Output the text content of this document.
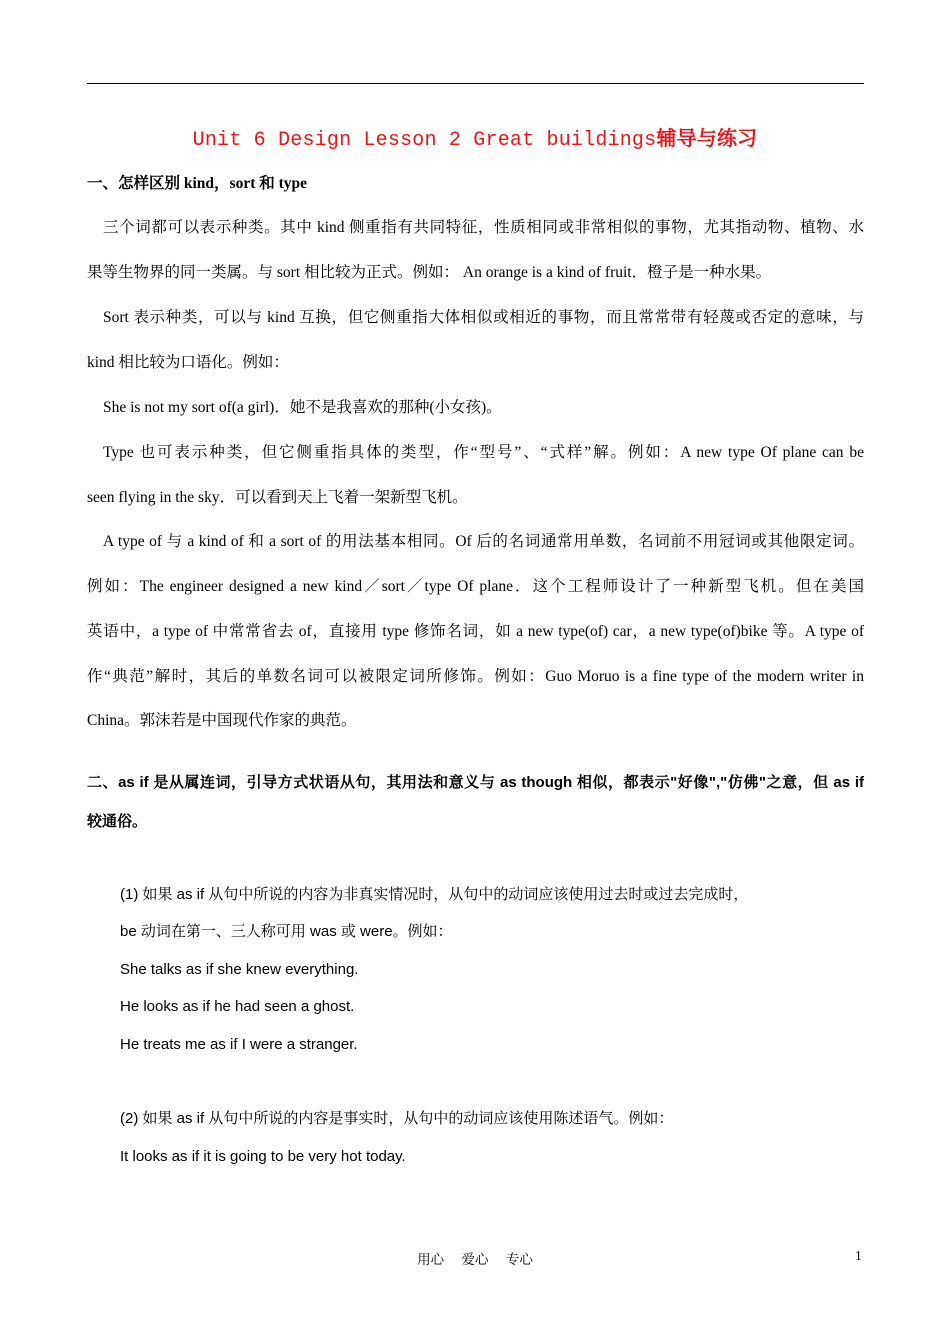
Unit 6 Design Lesson 2 Great buildings辅导与练习
一、怎样区别 kind，sort 和 type
三个词都可以表示种类。其中 kind 侧重指有共同特征，性质相同或非常相似的事物，尤其指动物、植物、水
果等生物界的同一类属。与 sort 相比较为正式。例如： An orange is a kind of fruit．橙子是一种水果。
Sort 表示种类，可以与 kind 互换，但它侧重指大体相似或相近的事物，而且常常带有轻蔑或否定的意味，与
kind 相比较为口语化。例如：
She is not my sort of(a girl)．她不是我喜欢的那种(小女孩)。
Type 也可表示种类，但它侧重指具体的类型，作“型号”、“式样”解。例如：A new type Of plane can be
seen flying in the sky．可以看到天上飞着一架新型飞机。
A type of 与 a kind of 和 a sort of 的用法基本相同。Of 后的名词通常用单数，名词前不用冠词或其他限定词。
例如：The engineer designed a new kind／sort／type Of plane．这个工程师设计了一种新型飞机。但在美国
英语中，a type of 中常常省去 of，直接用 type 修饰名词，如 a new type(of) car，a new type(of)bike 等。A type of
作“典范”解时，其后的单数名词可以被限定词所修饰。例如：Guo Moruo is a fine type of the modern writer in
China。郭沫若是中国现代作家的典范。
二、as if 是从属连词，引导方式状语从句，其用法和意义与 as though 相似，都表示"好像","仿佛"之意，但 as if
较通俗。
(1) 如果 as if 从句中所说的内容为非真实情况时，从句中的动词应该使用过去时或过去完成时，
be 动词在第一、三人称可用 was 或 were。例如：
She talks as if she knew everything.
He looks as if he had seen a ghost.
He treats me as if I were a stranger.
(2) 如果 as if 从句中所说的内容是事实时，从句中的动词应该使用陈述语气。例如：
It looks as if it is going to be very hot today.
用心 爱心 专心	1
